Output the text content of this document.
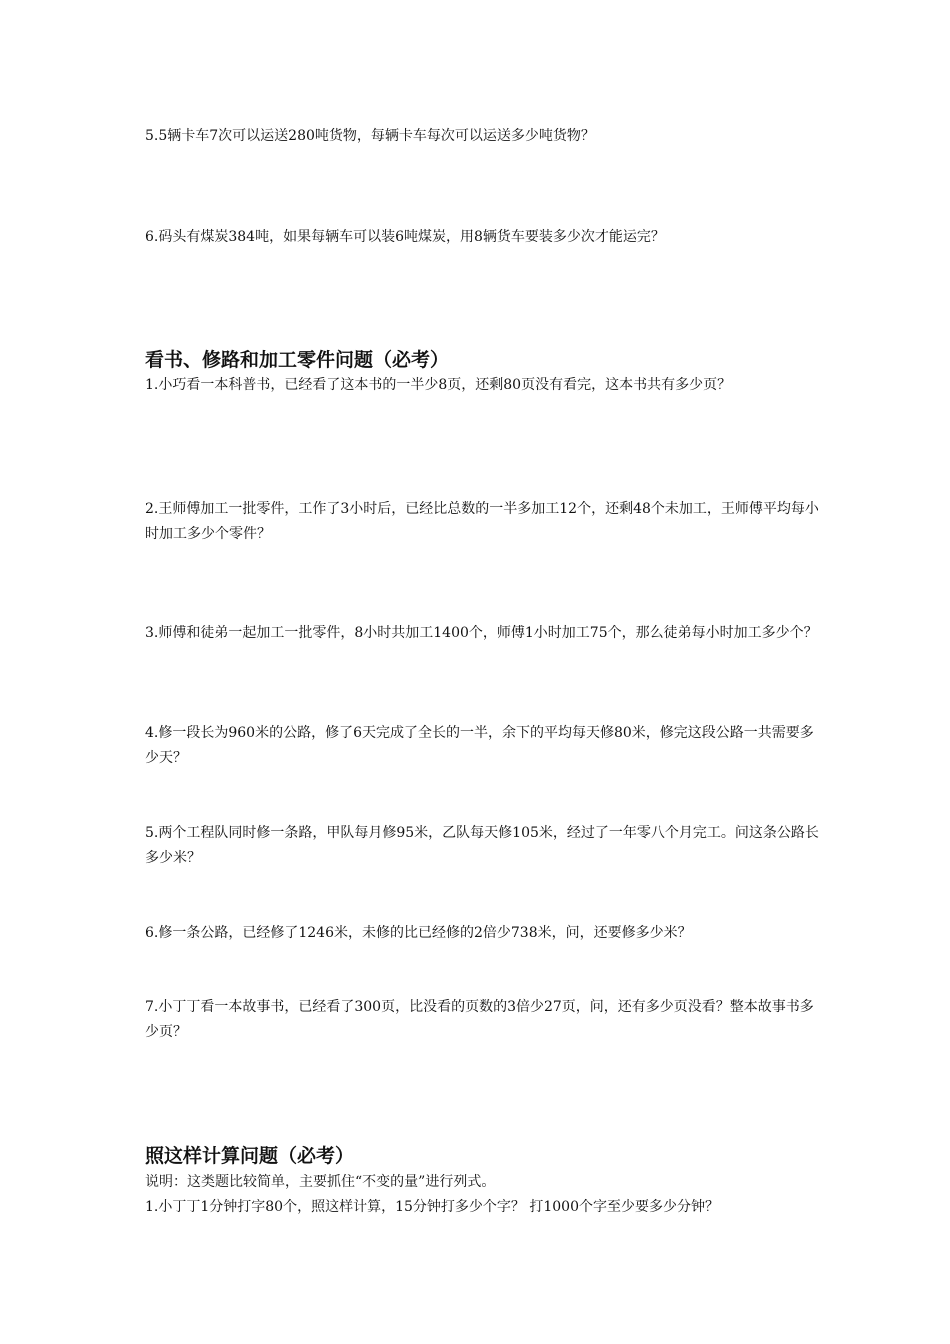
5.5辆卡车7次可以运送280吨货物，每辆卡车每次可以运送多少吨货物？

6.码头有煤炭384吨，如果每辆车可以装6吨煤炭，用8辆货车要装多少次才能运完？

看书、修路和加工零件问题（必考）

1.小巧看一本科普书，已经看了这本书的一半少8页，还剩80页没有看完，这本书共有多少页？

2.王师傅加工一批零件，工作了3小时后，已经比总数的一半多加工12个，还剩48个未加工，王师傅平均每小时加工多少个零件？

3.师傅和徒弟一起加工一批零件，8小时共加工1400个，师傅1小时加工75个，那么徒弟每小时加工多少个？

4.修一段长为960米的公路，修了6天完成了全长的一半，余下的平均每天修80米，修完这段公路一共需要多少天？

5.两个工程队同时修一条路，甲队每月修95米，乙队每天修105米，经过了一年零八个月完工。问这条公路长多少米？

6.修一条公路，已经修了1246米，未修的比已经修的2倍少738米，问，还要修多少米？

7.小丁丁看一本故事书，已经看了300页，比没看的页数的3倍少27页，问，还有多少页没看？整本故事书多少页？

照这样计算问题（必考）

说明：这类题比较简单，主要抓住“不变的量”进行列式。

1.小丁丁1分钟打字80个，照这样计算，15分钟打多少个字？ 打1000个字至少要多少分钟？
